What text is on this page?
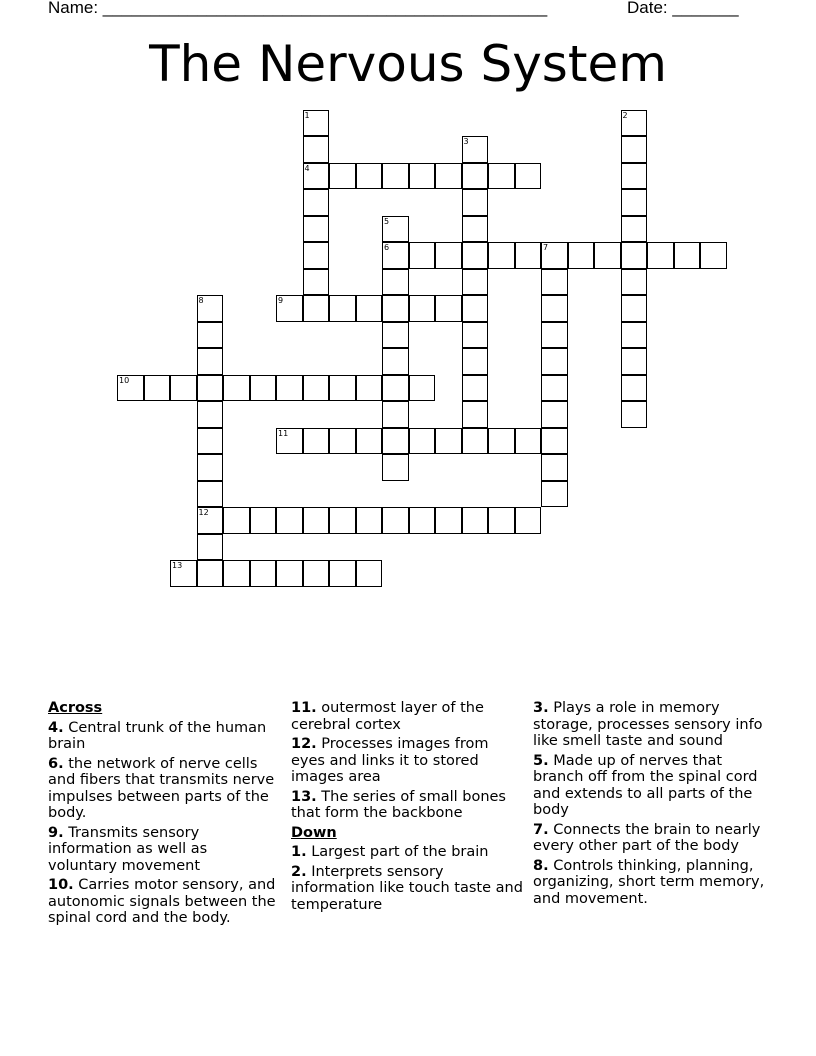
Name: _______________________________________________	Date: _______
The Nervous System
4
6	7
9
10
11
12
13
1	2
3
5
8
Across
4. Central trunk of the human brain
6. the network of nerve cells and fibers that transmits nerve impulses between parts of the body.
9. Transmits sensory information as well as voluntary movement
10. Carries motor sensory, and autonomic signals between the spinal cord and the body.
11. outermost layer of the cerebral cortex
12. Processes images from eyes and links it to stored images area
13. The series of small bones that form the backbone
Down
1. Largest part of the brain
2. Interprets sensory information like touch taste and temperature
3. Plays a role in memory storage, processes sensory info like smell taste and sound
5. Made up of nerves that branch off from the spinal cord and extends to all parts of the body
7. Connects the brain to nearly every other part of the body
8. Controls thinking, planning, organizing, short term memory, and movement.
